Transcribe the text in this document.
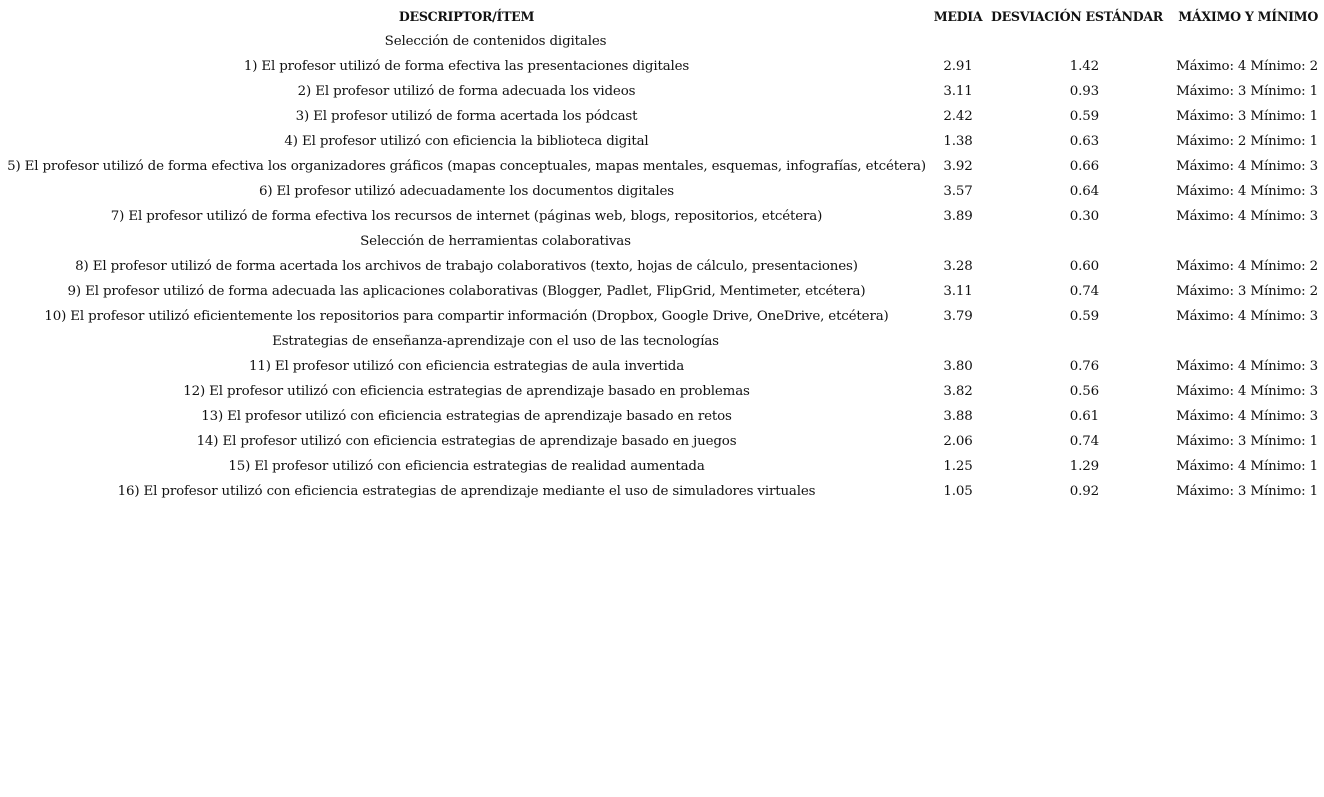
DESCRIPTOR/ÍTEM	MEDIA	DESVIACIÓN ESTÁNDAR	MÁXIMO Y MÍNIMO
Selección de contenidos digitales			
1) El profesor utilizó de forma efectiva las presentaciones digitales	2.91	1.42	Máximo: 4 Mínimo: 2
2) El profesor utilizó de forma adecuada los videos	3.11	0.93	Máximo: 3 Mínimo: 1
3) El profesor utilizó de forma acertada los pódcast	2.42	0.59	Máximo: 3 Mínimo: 1
4) El profesor utilizó con eficiencia la biblioteca digital	1.38	0.63	Máximo: 2 Mínimo: 1
5) El profesor utilizó de forma efectiva los organizadores gráficos (mapas conceptuales, mapas mentales, esquemas, infografías, etcétera)	3.92	0.66	Máximo: 4 Mínimo: 3
6) El profesor utilizó adecuadamente los documentos digitales	3.57	0.64	Máximo: 4 Mínimo: 3
7) El profesor utilizó de forma efectiva los recursos de internet (páginas web, blogs, repositorios, etcétera)	3.89	0.30	Máximo: 4 Mínimo: 3
Selección de herramientas colaborativas			
8) El profesor utilizó de forma acertada los archivos de trabajo colaborativos (texto, hojas de cálculo, presentaciones)	3.28	0.60	Máximo: 4 Mínimo: 2
9) El profesor utilizó de forma adecuada las aplicaciones colaborativas (Blogger, Padlet, FlipGrid, Mentimeter, etcétera)	3.11	0.74	Máximo: 3 Mínimo: 2
10) El profesor utilizó eficientemente los repositorios para compartir información (Dropbox, Google Drive, OneDrive, etcétera)	3.79	0.59	Máximo: 4 Mínimo: 3
Estrategias de enseñanza-aprendizaje con el uso de las tecnologías			
11) El profesor utilizó con eficiencia estrategias de aula invertida	3.80	0.76	Máximo: 4 Mínimo: 3
12) El profesor utilizó con eficiencia estrategias de aprendizaje basado en problemas	3.82	0.56	Máximo: 4 Mínimo: 3
13) El profesor utilizó con eficiencia estrategias de aprendizaje basado en retos	3.88	0.61	Máximo: 4 Mínimo: 3
14) El profesor utilizó con eficiencia estrategias de aprendizaje basado en juegos	2.06	0.74	Máximo: 3 Mínimo: 1
15) El profesor utilizó con eficiencia estrategias de realidad aumentada	1.25	1.29	Máximo: 4 Mínimo: 1
16) El profesor utilizó con eficiencia estrategias de aprendizaje mediante el uso de simuladores virtuales	1.05	0.92	Máximo: 3 Mínimo: 1
